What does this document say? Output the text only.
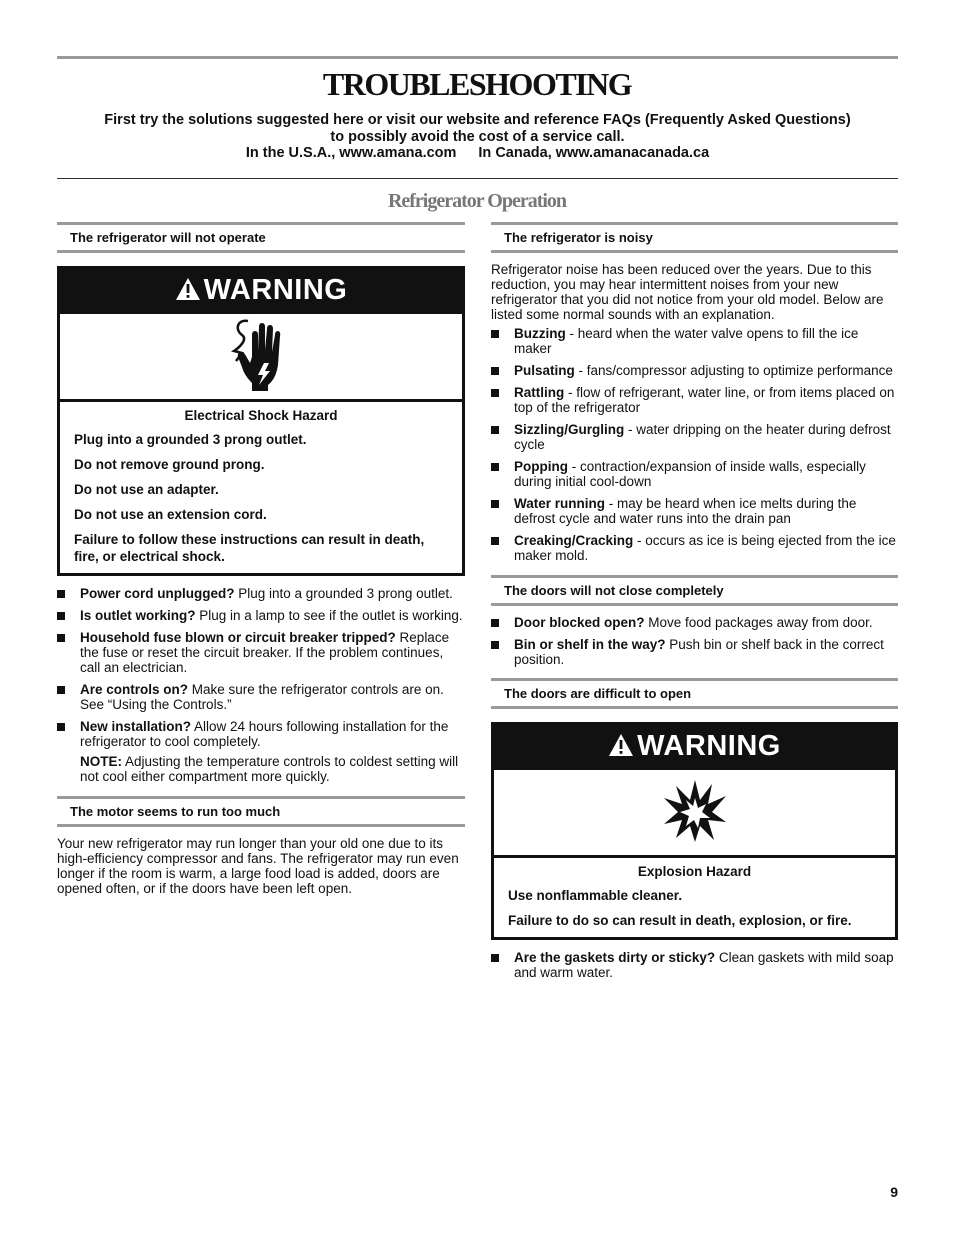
TROUBLESHOOTING
First try the solutions suggested here or visit our website and reference FAQs (Frequently Asked Questions)
to possibly avoid the cost of a service call.
In the U.S.A., www.amana.com In Canada, www.amanacanada.ca
Refrigerator Operation
The refrigerator will not operate
WARNING
Electrical Shock Hazard

Plug into a grounded 3 prong outlet.

Do not remove ground prong.

Do not use an adapter.

Do not use an extension cord.

Failure to follow these instructions can result in death, fire, or electrical shock.

Power cord unplugged? Plug into a grounded 3 prong outlet.
Is outlet working? Plug in a lamp to see if the outlet is working.
Household fuse blown or circuit breaker tripped? Replace the fuse or reset the circuit breaker. If the problem continues, call an electrician.
Are controls on? Make sure the refrigerator controls are on. See “Using the Controls.”
New installation? Allow 24 hours following installation for the refrigerator to cool completely.
NOTE: Adjusting the temperature controls to coldest setting will not cool either compartment more quickly.
The motor seems to run too much

Your new refrigerator may run longer than your old one due to its high-efficiency compressor and fans. The refrigerator may run even longer if the room is warm, a large food load is added, doors are opened often, or if the doors have been left open.

The refrigerator is noisy

Refrigerator noise has been reduced over the years. Due to this reduction, you may hear intermittent noises from your new refrigerator that you did not notice from your old model. Below are listed some normal sounds with an explanation.

Buzzing - heard when the water valve opens to fill the ice maker
Pulsating - fans/compressor adjusting to optimize performance
Rattling - flow of refrigerant, water line, or from items placed on top of the refrigerator
Sizzling/Gurgling - water dripping on the heater during defrost cycle
Popping - contraction/expansion of inside walls, especially during initial cool-down
Water running - may be heard when ice melts during the defrost cycle and water runs into the drain pan
Creaking/Cracking - occurs as ice is being ejected from the ice maker mold.
The doors will not close completely
Door blocked open? Move food packages away from door.
Bin or shelf in the way? Push bin or shelf back in the correct position.
The doors are difficult to open
WARNING
Explosion Hazard

Use nonflammable cleaner.

Failure to do so can result in death, explosion, or fire.

Are the gaskets dirty or sticky? Clean gaskets with mild soap and warm water.
9
